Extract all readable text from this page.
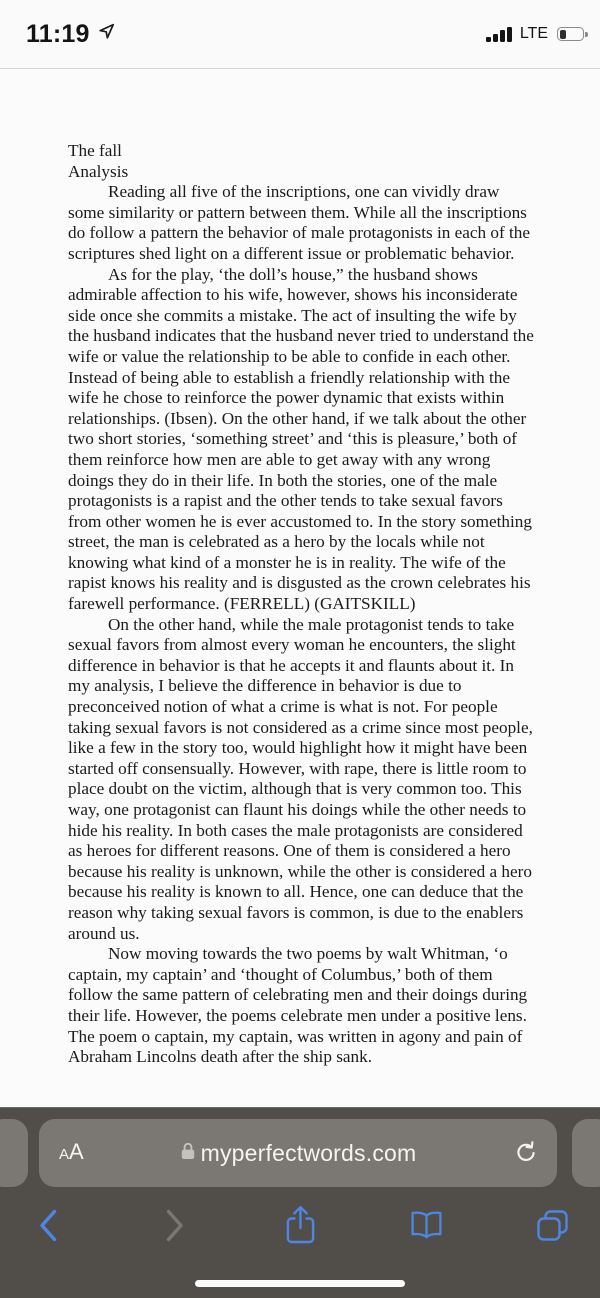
11:19	LTE
The fall
Analysis

Reading all five of the inscriptions, one can vividly draw some similarity or pattern between them. While all the inscriptions do follow a pattern the behavior of male protagonists in each of the scriptures shed light on a different issue or problematic behavior.

As for the play, ‘the doll’s house,” the husband shows admirable affection to his wife, however, shows his inconsiderate side once she commits a mistake. The act of insulting the wife by the husband indicates that the husband never tried to understand the wife or value the relationship to be able to confide in each other. Instead of being able to establish a friendly relationship with the wife he chose to reinforce the power dynamic that exists within relationships. (Ibsen). On the other hand, if we talk about the other two short stories, ‘something street’ and ‘this is pleasure,’ both of them reinforce how men are able to get away with any wrong doings they do in their life. In both the stories, one of the male protagonists is a rapist and the other tends to take sexual favors from other women he is ever accustomed to. In the story something street, the man is celebrated as a hero by the locals while not knowing what kind of a monster he is in reality. The wife of the rapist knows his reality and is disgusted as the crown celebrates his farewell performance. (FERRELL) (GAITSKILL)

On the other hand, while the male protagonist tends to take sexual favors from almost every woman he encounters, the slight difference in behavior is that he accepts it and flaunts about it. In my analysis, I believe the difference in behavior is due to preconceived notion of what a crime is what is not. For people taking sexual favors is not considered as a crime since most people, like a few in the story too, would highlight how it might have been started off consensually. However, with rape, there is little room to place doubt on the victim, although that is very common too. This way, one protagonist can flaunt his doings while the other needs to hide his reality. In both cases the male protagonists are considered as heroes for different reasons. One of them is considered a hero because his reality is unknown, while the other is considered a hero because his reality is known to all. Hence, one can deduce that the reason why taking sexual favors is common, is due to the enablers around us.

Now moving towards the two poems by walt Whitman, ‘o captain, my captain’ and ‘thought of Columbus,’ both of them follow the same pattern of celebrating men and their doings during their life. However, the poems celebrate men under a positive lens. The poem o captain, my captain, was written in agony and pain of Abraham Lincolns death after the ship sank.

A A	myperfectwords.com
